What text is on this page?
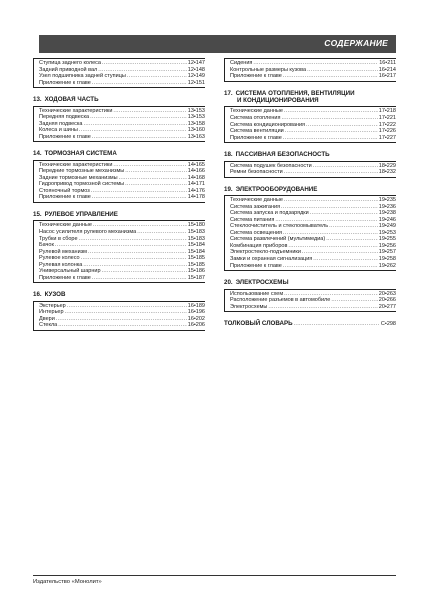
СОДЕРЖАНИЕ
Ступица заднего колеса .....	12•147
Задний приводной вал .....	12•148
Узел подшипника задней ступицы .....	12•149
Приложение к главе .....	12•151
13. ХОДОВАЯ ЧАСТЬ
Технические характеристики .....	13•153
Передняя подвеска .....	13•153
Задняя подвеска .....	13•158
Колеса и шины .....	13•160
Приложение к главе .....	13•163
14. ТОРМОЗНАЯ СИСТЕМА
Технические характеристики .....	14•165
Передние тормозные механизмы .....	14•166
Задние тормозные механизмы .....	14•168
Гидропривод тормозной системы .....	14•171
Стояночный тормоз .....	14•176
Приложение к главе .....	14•178
15. РУЛЕВОЕ УПРАВЛЕНИЕ
Технические данные .....	15•180
Насос усилителя рулевого механизма .....	15•183
Трубки в сборе .....	15•183
Бачок .....	15•184
Рулевой механизм .....	15•184
Рулевое колесо .....	15•185
Рулевая колонка .....	15•185
Универсальный шарнир .....	15•186
Приложение к главе .....	15•187
16. КУЗОВ
Экстерьер .....	16•189
Интерьер .....	16•196
Двери .....	16•202
Стекла .....	16•206
Сидения .....	16•211
Контрольные размеры кузова .....	16•214
Приложение к главе .....	16•217
17. СИСТЕМА ОТОПЛЕНИЯ, ВЕНТИЛЯЦИИ
И КОНДИЦИОНИРОВАНИЯ
Технические данные .....	17•218
Система отопления .....	17•221
Система кондиционирования .....	17•222
Система вентиляции .....	17•226
Приложение к главе .....	17•227
18. ПАССИВНАЯ БЕЗОПАСНОСТЬ
Система подушек безопасности .....	18•229
Ремни безопасности .....	18•232
19. ЭЛЕКТРООБОРУДОВАНИЕ
Технические данные .....	19•235
Система зажигания .....	19•236
Система запуска и подзарядки .....	19•238
Система питания .....	19•246
Стеклоочиститель и стеклоомыватель .....	19•249
Система освещения .....	19•253
Система развлечений (мультимедиа) .....	19•255
Комбинация приборов .....	19•256
Электростекло-подъемники .....	19•257
Замки и охранная сигнализация .....	19•258
Приложение к главе .....	19•262
20. ЭЛЕКТРОСХЕМЫ
Использование схем .....	20•263
Расположение разъемов в автомобиле .....	20•266
Электросхемы .....	20•277
ТОЛКОВЫЙ СЛОВАРЬ .....	С•298
Издательство «Монолит»
